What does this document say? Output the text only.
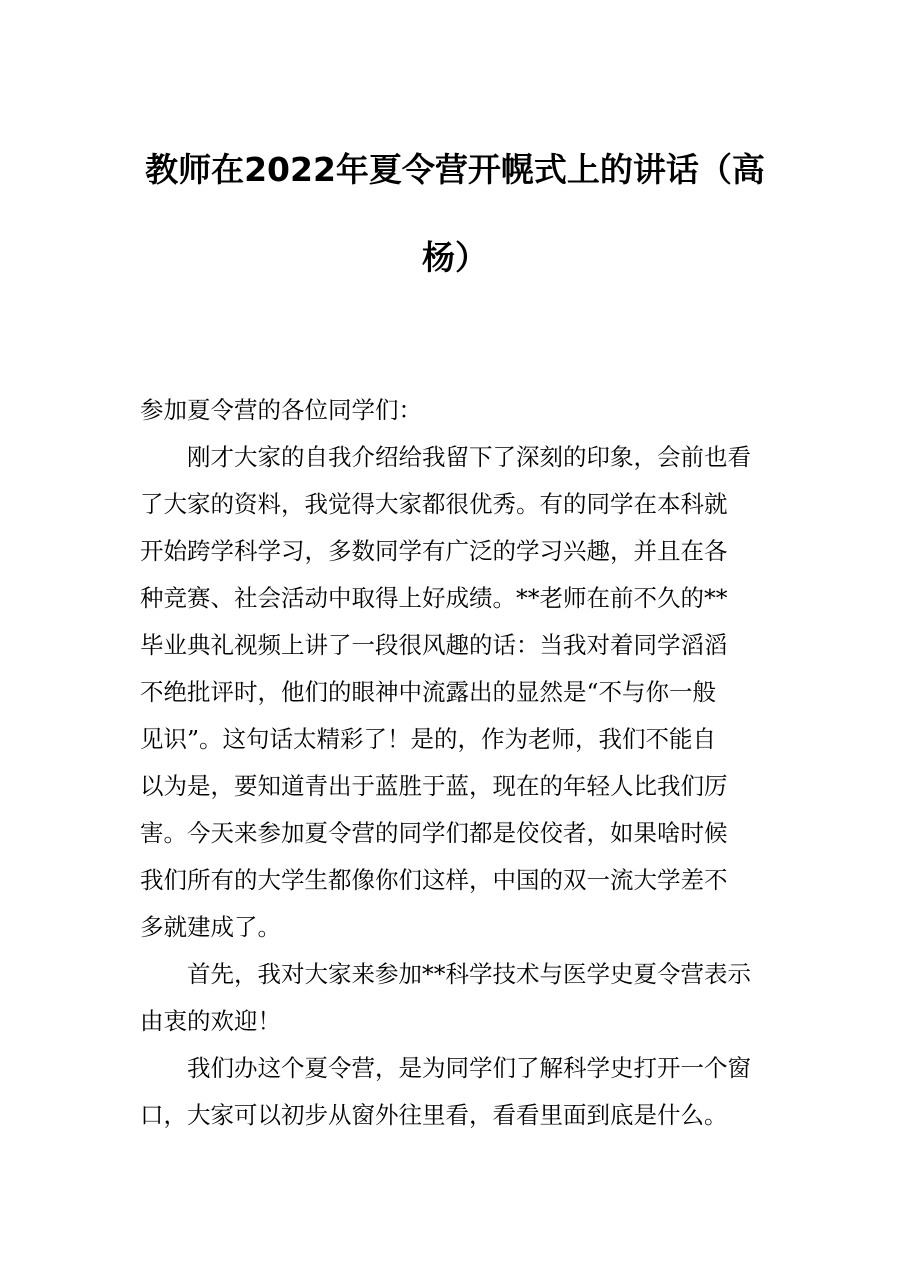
教师在2022年夏令营开幌式上的讲话（高
杨）
参加夏令营的各位同学们：
刚才大家的自我介绍给我留下了深刻的印象，会前也看
了大家的资料，我觉得大家都很优秀。有的同学在本科就
开始跨学科学习，多数同学有广泛的学习兴趣，并且在各
种竞赛、社会活动中取得上好成绩。**老师在前不久的**
毕业典礼视频上讲了一段很风趣的话：当我对着同学滔滔
不绝批评时，他们的眼神中流露出的显然是“不与你一般
见识”。这句话太精彩了！是的，作为老师，我们不能自
以为是，要知道青出于蓝胜于蓝，现在的年轻人比我们厉
害。今天来参加夏令营的同学们都是佼佼者，如果啥时候
我们所有的大学生都像你们这样，中国的双一流大学差不
多就建成了。
首先，我对大家来参加**科学技术与医学史夏令营表示
由衷的欢迎！
我们办这个夏令营，是为同学们了解科学史打开一个窗
口，大家可以初步从窗外往里看，看看里面到底是什么。
